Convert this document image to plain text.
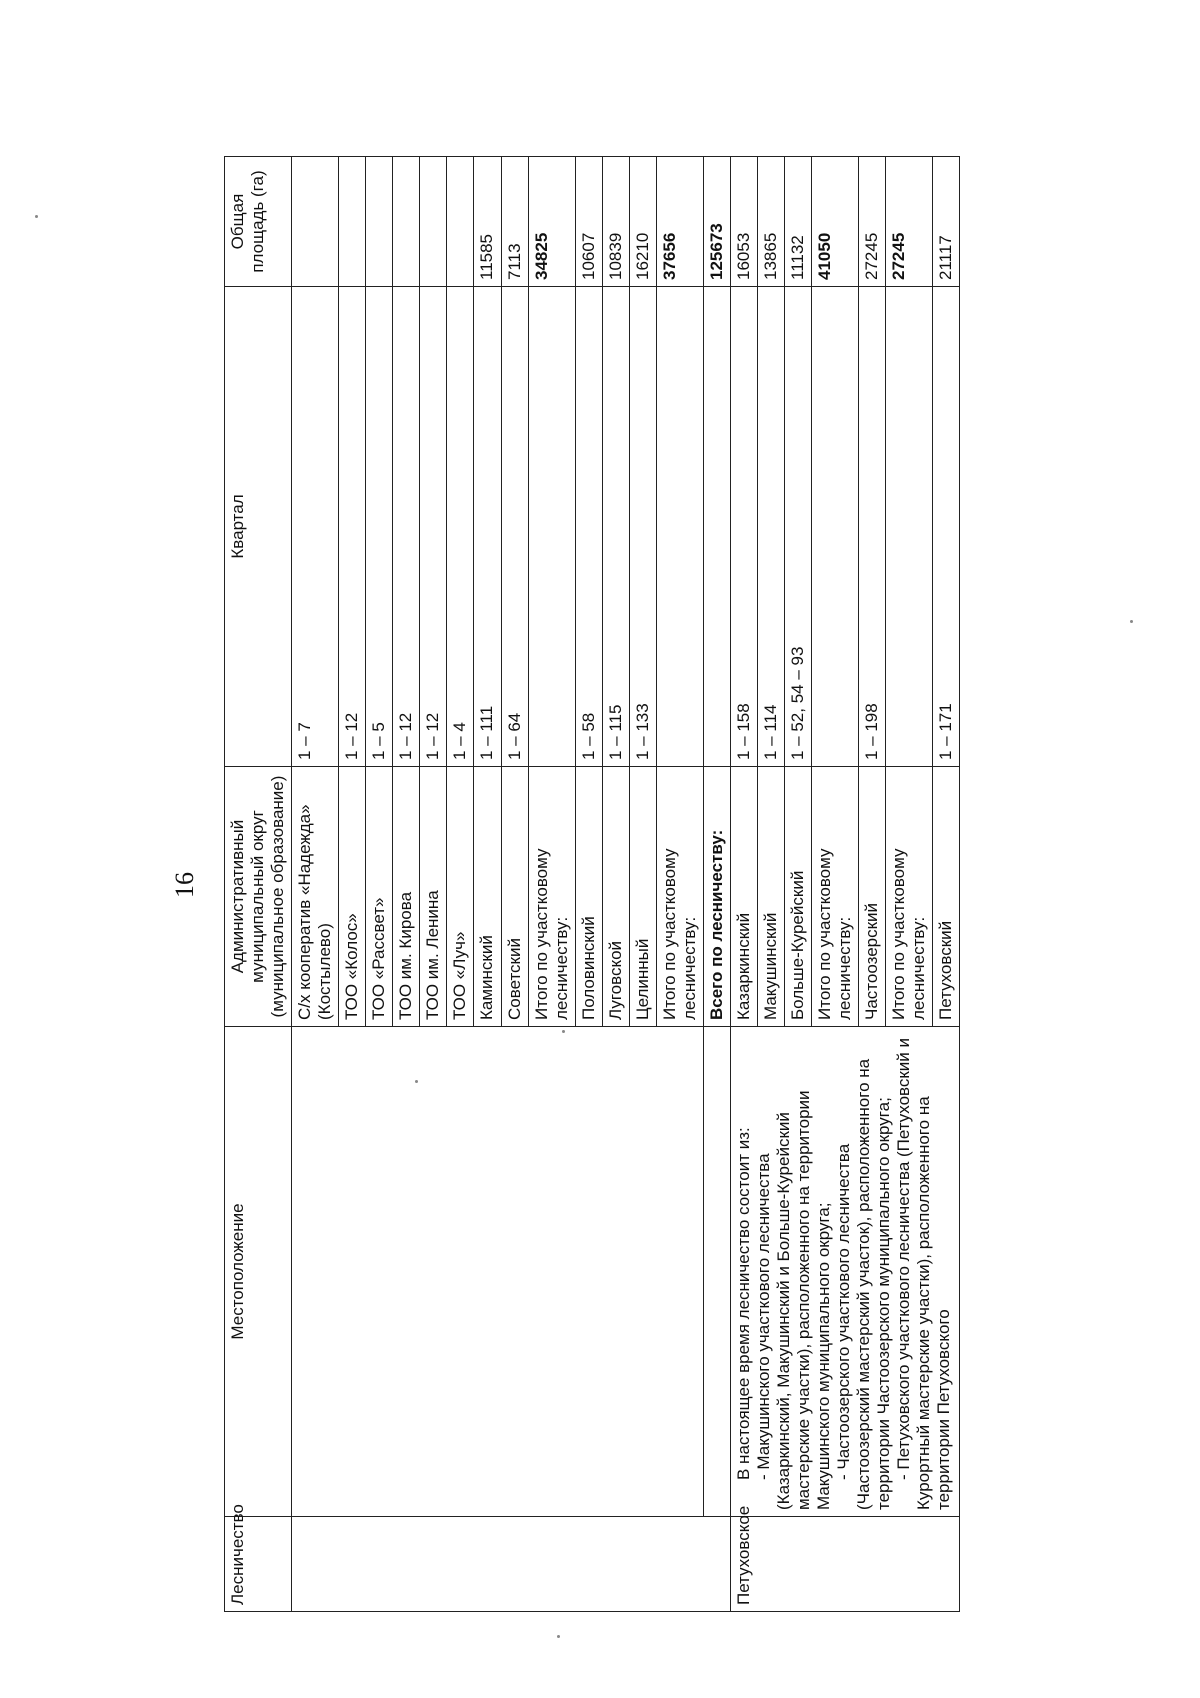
16
Лесничество	Местоположение	Административный муниципальный округ (муниципальное образование)	Квартал	Общая площадь (га)
		С/х кооператив «Надежда» (Костылево)	1 – 7	
		ТОО «Колос»	1 – 12	
		ТОО «Рассвет»	1 – 5	
		ТОО им. Кирова	1 – 12	
		ТОО им. Ленина	1 – 12	
		ТОО «Луч»	1 – 4	
		Каминский	1 – 111	11585
		Советский	1 – 64	7113
		Итого по участковому лесничеству:		34825
		Половинский	1 – 58	10607
		Луговской	1 – 115	10839
		Целинный	1 – 133	16210
		Итого по участковому лесничеству:		37656
		Всего по лесничеству:		125673
Петуховское	В настоящее время лесничество состоит из: - Макушинского участкового лесничества (Казаркинский, Макушинский и Больше-Курейский мастерские участки), расположенного на территории Макушинского муниципального округа; - Частоозерского участкового лесничества (Частоозерский мастерский участок), расположенного на территории Частоозерского муниципального округа; - Петуховского участкового лесничества (Петуховский и Курортный мастерские участки), расположенного на территории Петуховского	Казаркинский	1 – 158	16053
		Макушинский	1 – 114	13865
		Больше-Курейский	1 – 52, 54 – 93	11132
		Итого по участковому лесничеству:		41050
		Частоозерский	1 – 198	27245
		Итого по участковому лесничеству:		27245
		Петуховский	1 – 171	21117
